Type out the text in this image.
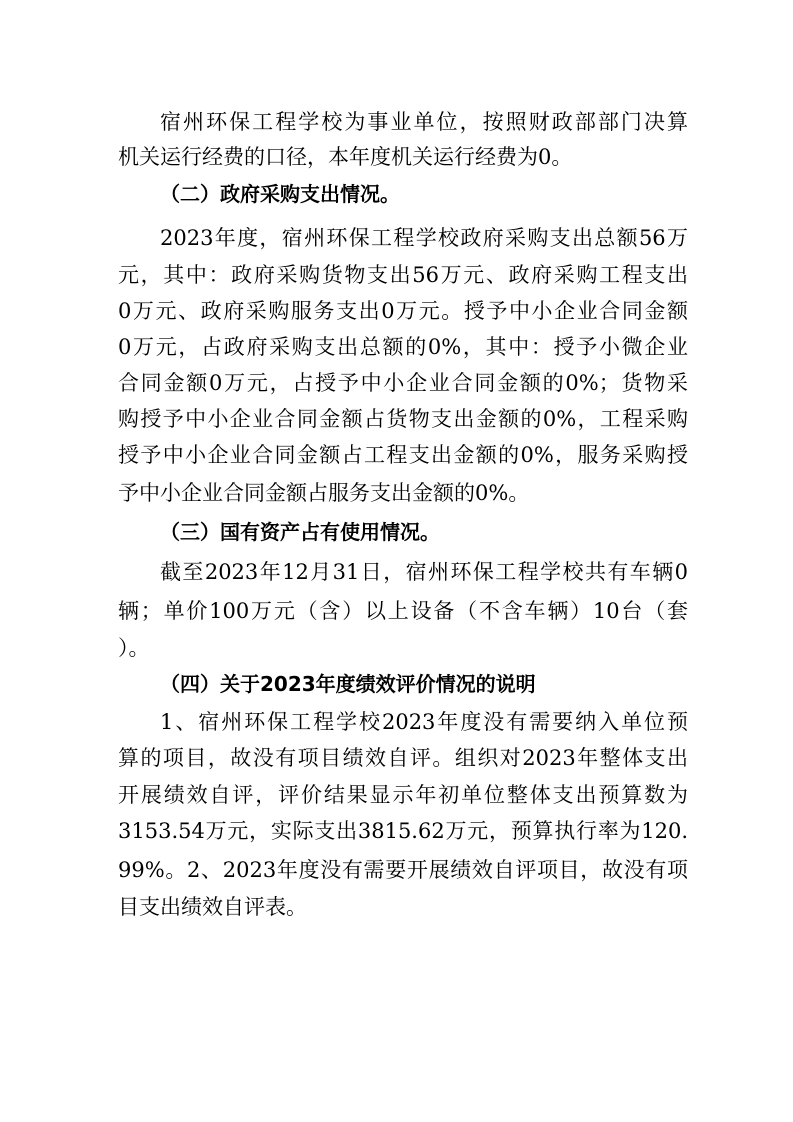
宿州环保工程学校为事业单位，按照财政部部门决算
机关运行经费的口径，本年度机关运行经费为0。
（二）政府采购支出情况。
2023年度，宿州环保工程学校政府采购支出总额56万
元，其中：政府采购货物支出56万元、政府采购工程支出
0万元、政府采购服务支出0万元。授予中小企业合同金额
0万元，占政府采购支出总额的0%，其中：授予小微企业
合同金额0万元，占授予中小企业合同金额的0%；货物采
购授予中小企业合同金额占货物支出金额的0%，工程采购
授予中小企业合同金额占工程支出金额的0%，服务采购授
予中小企业合同金额占服务支出金额的0%。
（三）国有资产占有使用情况。
截至2023年12月31日，宿州环保工程学校共有车辆0
辆；单价100万元（含）以上设备（不含车辆）10台（套
）。
（四）关于2023年度绩效评价情况的说明
1、宿州环保工程学校2023年度没有需要纳入单位预
算的项目，故没有项目绩效自评。组织对2023年整体支出
开展绩效自评，评价结果显示年初单位整体支出预算数为
3153.54万元，实际支出3815.62万元，预算执行率为120.
99%。2、2023年度没有需要开展绩效自评项目，故没有项
目支出绩效自评表。
